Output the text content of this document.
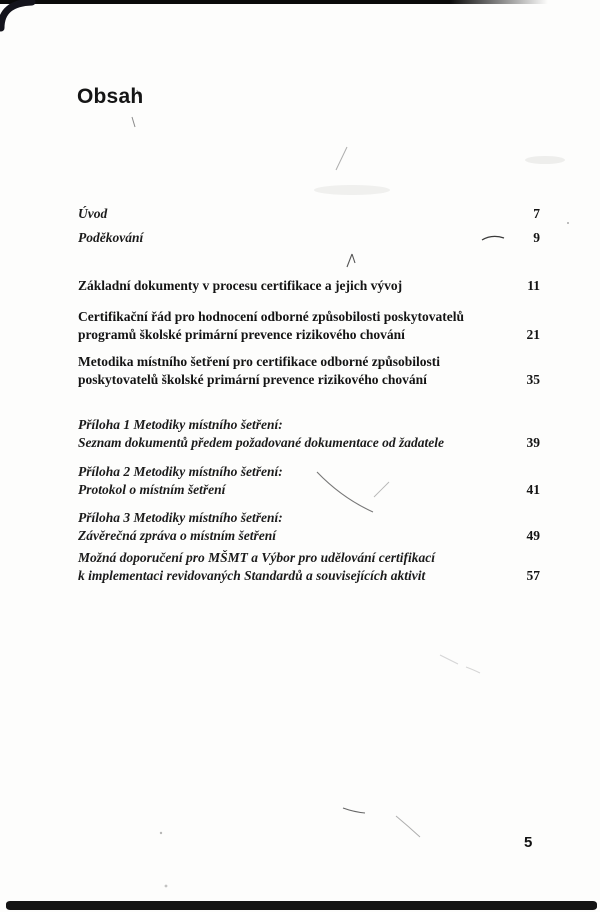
Obsah
Úvod	7
Poděkování	9
Základní dokumenty v procesu certifikace a jejich vývoj	11
Certifikační řád pro hodnocení odborné způsobilosti poskytovatelů
programů školské primární prevence rizikového chování	21
Metodika místního šetření pro certifikace odborné způsobilosti
poskytovatelů školské primární prevence rizikového chování	35
Příloha 1 Metodiky místního šetření:
Seznam dokumentů předem požadované dokumentace od žadatele	39
Příloha 2 Metodiky místního šetření:
Protokol o místním šetření	41
Příloha 3 Metodiky místního šetření:
Závěrečná zpráva o místním šetření	49
Možná doporučení pro MŠMT a Výbor pro udělování certifikací
k implementaci revidovaných Standardů a souvisejících aktivit	57
5
